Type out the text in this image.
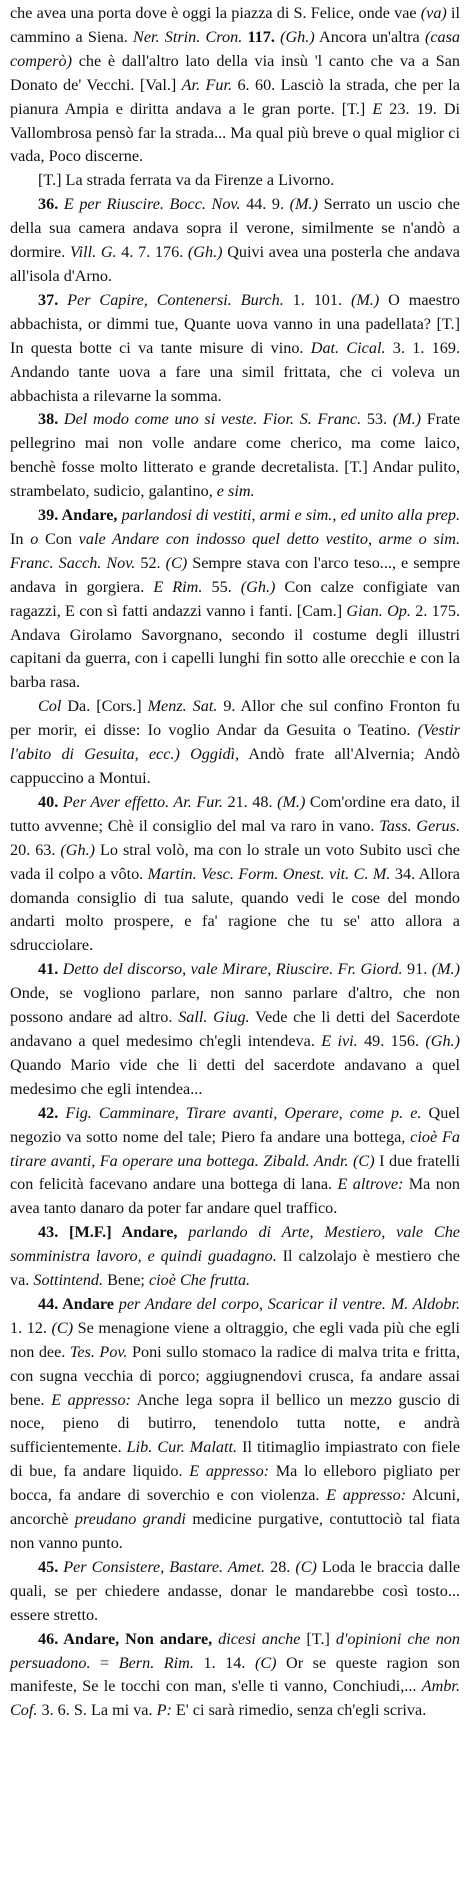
che avea una porta dove è oggi la piazza di S. Felice, onde vae (va) il cammino a Siena. Ner. Strin. Cron. 117. (Gh.) Ancora un'altra (casa comperò) che è dall'altro lato della via insù 'l canto che va a San Donato de' Vecchi. [Val.] Ar. Fur. 6. 60. Lasciò la strada, che per la pianura Ampia e diritta andava a le gran porte. [T.] E 23. 19. Di Vallombrosa pensò far la strada... Ma qual più breve o qual miglior ci vada, Poco discerne.

[T.] La strada ferrata va da Firenze a Livorno.

36. E per Riuscire. Bocc. Nov. 44. 9. (M.) Serrato un uscio che della sua camera andava sopra il verone, similmente se n'andò a dormire. Vill. G. 4. 7. 176. (Gh.) Quivi avea una posterla che andava all'isola d'Arno.

37. Per Capire, Contenersi. Burch. 1. 101. (M.) O maestro abbachista, or dimmi tue, Quante uova vanno in una padellata? [T.] In questa botte ci va tante misure di vino. Dat. Cical. 3. 1. 169. Andando tante uova a fare una simil frittata, che ci voleva un abbachista a rilevarne la somma.

38. Del modo come uno si veste. Fior. S. Franc. 53. (M.) Frate pellegrino mai non volle andare come cherico, ma come laico, benchè fosse molto litterato e grande decretalista. [T.] Andar pulito, strambelato, sudicio, galantino, e sim.

39. Andare, parlandosi di vestiti, armi e sim., ed unito alla prep. In o Con vale Andare con indosso quel detto vestito, arme o sim. Franc. Sacch. Nov. 52. (C) Sempre stava con l'arco teso..., e sempre andava in gorgiera. E Rim. 55. (Gh.) Con calze configiate van ragazzi, E con sì fatti andazzi vanno i fanti. [Cam.] Gian. Op. 2. 175. Andava Girolamo Savorgnano, secondo il costume degli illustri capitani da guerra, con i capelli lunghi fin sotto alle orecchie e con la barba rasa.

Col Da. [Cors.] Menz. Sat. 9. Allor che sul confino Fronton fu per morir, ei disse: Io voglio Andar da Gesuita o Teatino. (Vestir l'abito di Gesuita, ecc.) Oggidì, Andò frate all'Alvernia; Andò cappuccino a Montui.

40. Per Aver effetto. Ar. Fur. 21. 48. (M.) Com'ordine era dato, il tutto avvenne; Chè il consiglio del mal va raro in vano. Tass. Gerus. 20. 63. (Gh.) Lo stral volò, ma con lo strale un voto Subito uscì che vada il colpo a vôto. Martin. Vesc. Form. Onest. vit. C. M. 34. Allora domanda consiglio di tua salute, quando vedi le cose del mondo andarti molto prospere, e fa' ragione che tu se' atto allora a sdrucciolare.

41. Detto del discorso, vale Mirare, Riuscire. Fr. Giord. 91. (M.) Onde, se vogliono parlare, non sanno parlare d'altro, che non possono andare ad altro. Sall. Giug. Vede che li detti del Sacerdote andavano a quel medesimo ch'egli intendeva. E ivi. 49. 156. (Gh.) Quando Mario vide che li detti del sacerdote andavano a quel medesimo che egli intendea...

42. Fig. Camminare, Tirare avanti, Operare, come p. e. Quel negozio va sotto nome del tale; Piero fa andare una bottega, cioè Fa tirare avanti, Fa operare una bottega. Zibald. Andr. (C) I due fratelli con felicità facevano andare una bottega di lana. E altrove: Ma non avea tanto danaro da poter far andare quel traffico.

43. [M.F.] Andare, parlando di Arte, Mestiero, vale Che somministra lavoro, e quindi guadagno. Il calzolajo è mestiero che va. Sottintend. Bene; cioè Che frutta.

44. Andare per Andare del corpo, Scaricar il ventre. M. Aldobr. 1. 12. (C) Se menagione viene a oltraggio, che egli vada più che egli non dee. Tes. Pov. Poni sullo stomaco la radice di malva trita e fritta, con sugna vecchia di porco; aggiugnendovi crusca, fa andare assai bene. E appresso: Anche lega sopra il bellico un mezzo guscio di noce, pieno di butirro, tenendolo tutta notte, e andrà sufficientemente. Lib. Cur. Malatt. Il titimaglio impiastrato con fiele di bue, fa andare liquido. E appresso: Ma lo elleboro pigliato per bocca, fa andare di soverchio e con violenza. E appresso: Alcuni, ancorchè preudano grandi medicine purgative, contuttociò tal fiata non vanno punto.

45. Per Consistere, Bastare. Amet. 28. (C) Loda le braccia dalle quali, se per chiedere andasse, donar le mandarebbe così tosto... essere stretto.

46. Andare, Non andare, dicesi anche [T.] d'opinioni che non persuadono. = Bern. Rim. 1. 14. (C) Or se queste ragion son manifeste, Se le tocchi con man, s'elle ti vanno, Conchiudi,... Ambr. Cof. 3. 6. S. La mi va. P: E' ci sarà rimedio, senza ch'egli scriva.
